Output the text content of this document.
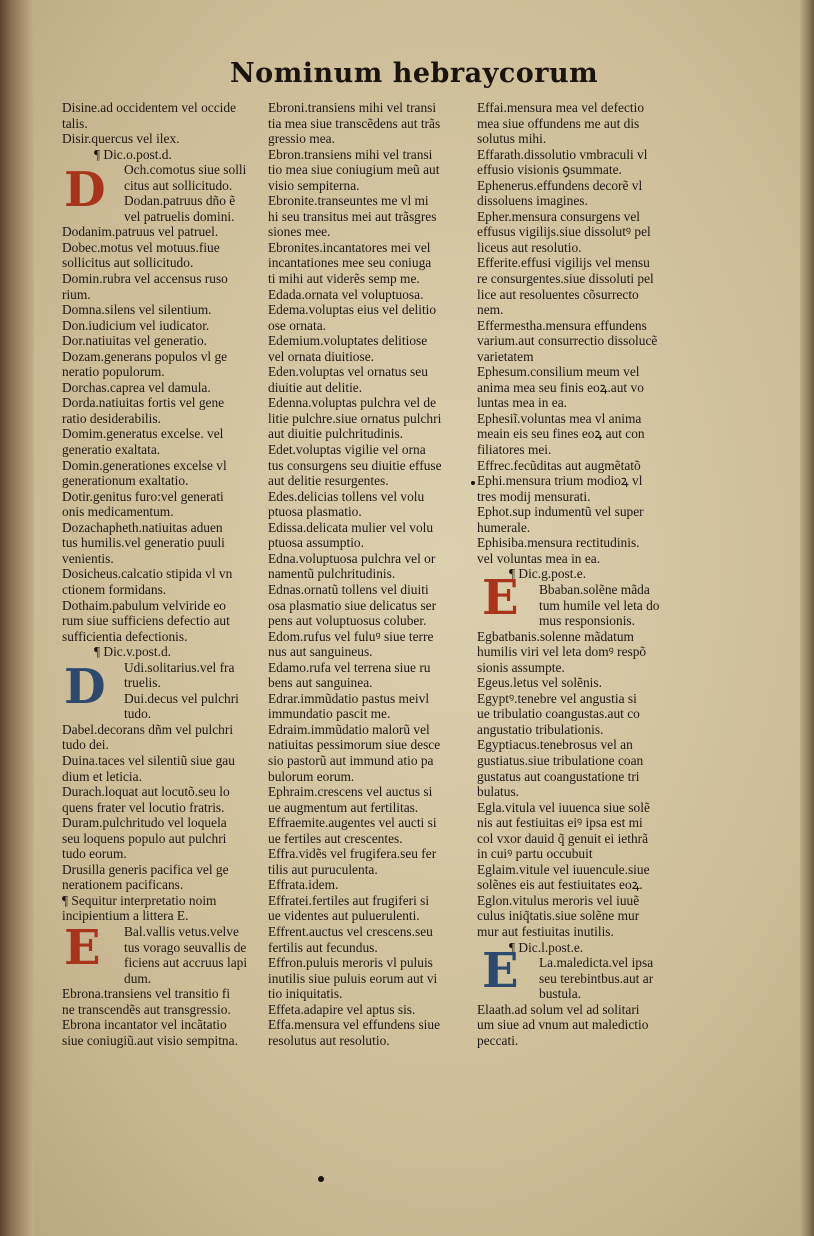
Nominum hebraycorum
Disine.ad occidentem vel occide
talis.
Disir.quercus vel ilex.
¶ Dic.o.post.d.
Och.comotus siue solli
citus aut sollicitudo.
Dodan.patruus dño ẽ
vel patruelis domini.
Dodanim.patruus vel patruel.
Dobec.motus vel motuus.fiue
sollicitus aut sollicitudo.
Domin.rubra vel accensus ruso
rium.
Domna.silens vel silentium.
Don.iudicium vel iudicator.
Dor.natiuitas vel generatio.
Dozam.generans populos vl ge
neratio populorum.
Dorchas.caprea vel damula.
Dorda.natiuitas fortis vel gene
ratio desiderabilis.
Domim.generatus excelse. vel
generatio exaltata.
Domin.generationes excelse vl
generationum exaltatio.
Dotir.genitus furo:vel generati
onis medicamentum.
Dozachapheth.natiuitas aduen
tus humilis.vel generatio puuli
venientis.
Dosicheus.calcatio stipida vl vn
ctionem formidans.
Dothaim.pabulum velviride eo
rum siue sufficiens defectio aut
sufficientia defectionis.
¶ Dic.v.post.d.
Udi.solitarius.vel fra
truelis.
Dui.decus vel pulchri
tudo.
Dabel.decorans dñm vel pulchri
tudo dei.
Duina.taces vel silentiũ siue gau
dium et leticia.
Durach.loquat aut locutõ.seu lo
quens frater vel locutio fratris.
Duram.pulchritudo vel loquela
seu loquens populo aut pulchri
tudo eorum.
Drusilla generis pacifica vel ge
nerationem pacificans.
¶ Sequitur interpretatio noim
incipientium a littera E.
Bal.vallis vetus.velve
tus vorago seuvallis de
ficiens aut accruus lapi
dum.
Ebrona.transiens vel transitio fi
ne transcendẽs aut transgressio.
Ebrona incantator vel incãtatio
siue coniugiũ.aut visio sempitna.
Ebroni.transiens mihi vel transi
tia mea siue transcẽdens aut trãs
gressio mea.
Ebron.transiens mihi vel transi
tio mea siue coniugium meũ aut
visio sempiterna.
Ebronite.transeuntes me vl mi
hi seu transitus mei aut trãsgres
siones mee.
Ebronites.incantatores mei vel
incantationes mee seu coniuga
ti mihi aut viderẽs semp me.
Edada.ornata vel voluptuosa.
Edema.voluptas eius vel delitio
ose ornata.
Edemium.voluptates delitiose
vel ornata diuitiose.
Eden.voluptas vel ornatus seu
diuitie aut delitie.
Edenna.voluptas pulchra vel de
litie pulchre.siue ornatus pulchri
aut diuitie pulchritudinis.
Edet.voluptas vigilie vel orna
tus consurgens seu diuitie effuse
aut delitie resurgentes.
Edes.delicias tollens vel volu
ptuosa plasmatio.
Edissa.delicata mulier vel volu
ptuosa assumptio.
Edna.voluptuosa pulchra vel or
namentũ pulchritudinis.
Ednas.ornatũ tollens vel diuiti
osa plasmatio siue delicatus ser
pens aut voluptuosus coluber.
Edom.rufus vel fuluꝰ siue terre
nus aut sanguineus.
Edamo.rufa vel terrena siue ru
bens aut sanguinea.
Edrar.immũdatio pastus meivl
immundatio pascit me.
Edraim.immũdatio malorũ vel
natiuitas pessimorum siue desce
sio pastorũ aut immund atio pa
bulorum eorum.
Ephraim.crescens vel auctus si
ue augmentum aut fertilitas.
Effraemite.augentes vel aucti si
ue fertiles aut crescentes.
Effra.vidẽs vel frugifera.seu fer
tilis aut puruculenta.
Effrata.idem.
Effratei.fertiles aut frugiferi si
ue videntes aut puluerulenti.
Effrent.auctus vel crescens.seu
fertilis aut fecundus.
Effron.puluis meroris vl puluis
inutilis siue puluis eorum aut vi
tio iniquitatis.
Effeta.adapire vel aptus sis.
Effa.mensura vel effundens siue
resolutus aut resolutio.
Effai.mensura mea vel defectio
mea siue offundens me aut dis
solutus mihi.
Effarath.dissolutio vmbraculi vl
effusio visionis ꝯsummate.
Ephenerus.effundens decorẽ vl
dissoluens imagines.
Epher.mensura consurgens vel
effusus vigilijs.siue dissolutꝰ pel
liceus aut resolutio.
Efferite.effusi vigilijs vel mensu
re consurgentes.siue dissoluti pel
lice aut resoluentes cõsurrecto
nem.
Effermestha.mensura effundens
varium.aut consurrectio dissolucẽ
varietatem
Ephesum.consilium meum vel
anima mea seu finis eoꝝ.aut vo
luntas mea in ea.
Ephesiĩ.voluntas mea vl anima
meain eis seu fines eoꝝ aut con
filiatores mei.
Effrec.fecũditas aut augmẽtatõ
Ephi.mensura trium modioꝝ vl
tres modij mensurati.
Ephot.sup indumentũ vel super
humerale.
Ephisiba.mensura rectitudinis.
vel voluntas mea in ea.
¶ Dic.g.post.e.
Bbaban.solẽne mãda
tum humile vel leta do
mus responsionis.
Egbatbanis.solenne mãdatum
humilis viri vel leta domꝰ respõ
sionis assumpte.
Egeus.letus vel solẽnis.
Egyptꝰ.tenebre vel angustia si
ue tribulatio coangustas.aut co
angustatio tribulationis.
Egyptiacus.tenebrosus vel an
gustiatus.siue tribulatione coan
gustatus aut coangustatione tri
bulatus.
Egla.vitula vel iuuenca siue solẽ
nis aut festiuitas eiꝰ ipsa est mi
col vxor dauid q̃ genuit ei iethrã
in cuiꝰ partu occubuit
Eglaim.vitule vel iuuencule.siue
solẽnes eis aut festiuitates eoꝝ.
Eglon.vitulus meroris vel iuuẽ
culus iniq̃tatis.siue solẽne mur
mur aut festiuitas inutilis.
¶ Dic.l.post.e.
La.maledicta.vel ipsa
seu terebintbus.aut ar
bustula.
Elaath.ad solum vel ad solitari
um siue ad vnum aut maledictio
peccati.
D
D
E
E
E
